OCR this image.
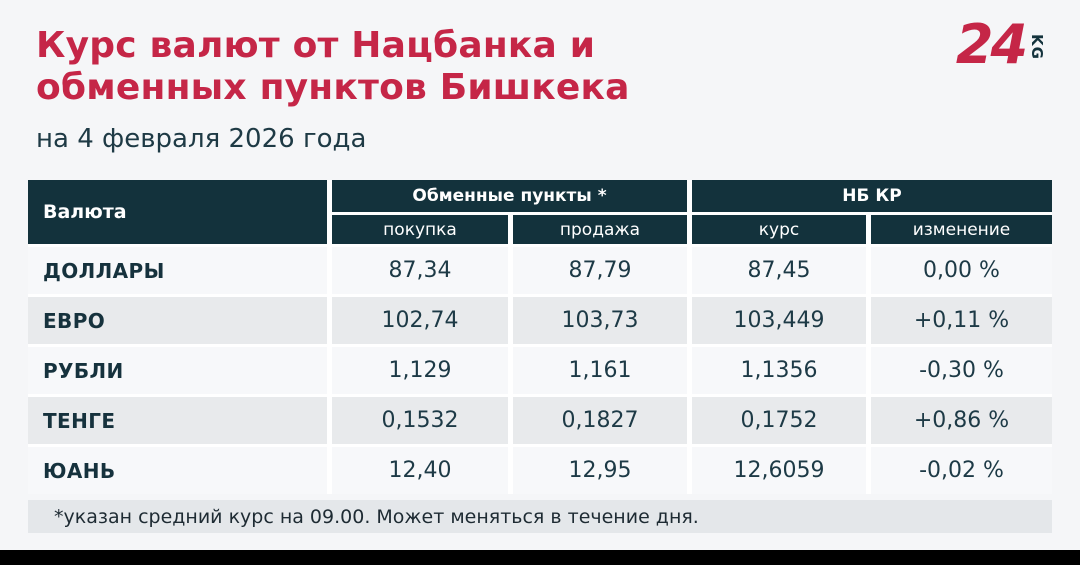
Курс валют от Нацбанка и
обменных пунктов Бишкека
на 4 февраля 2026 года
24 KG
Валюта
Обменные пункты *	НБ КР
покупка	продажа	курс	изменение
ДОЛЛАРЫ	87,34	87,79	87,45	0,00 %
ЕВРО	102,74	103,73	103,449	+0,11 %
РУБЛИ	1,129	1,161	1,1356	-0,30 %
ТЕНГЕ	0,1532	0,1827	0,1752	+0,86 %
ЮАНЬ	12,40	12,95	12,6059	-0,02 %
*указан средний курс на 09.00. Может меняться в течение дня.
